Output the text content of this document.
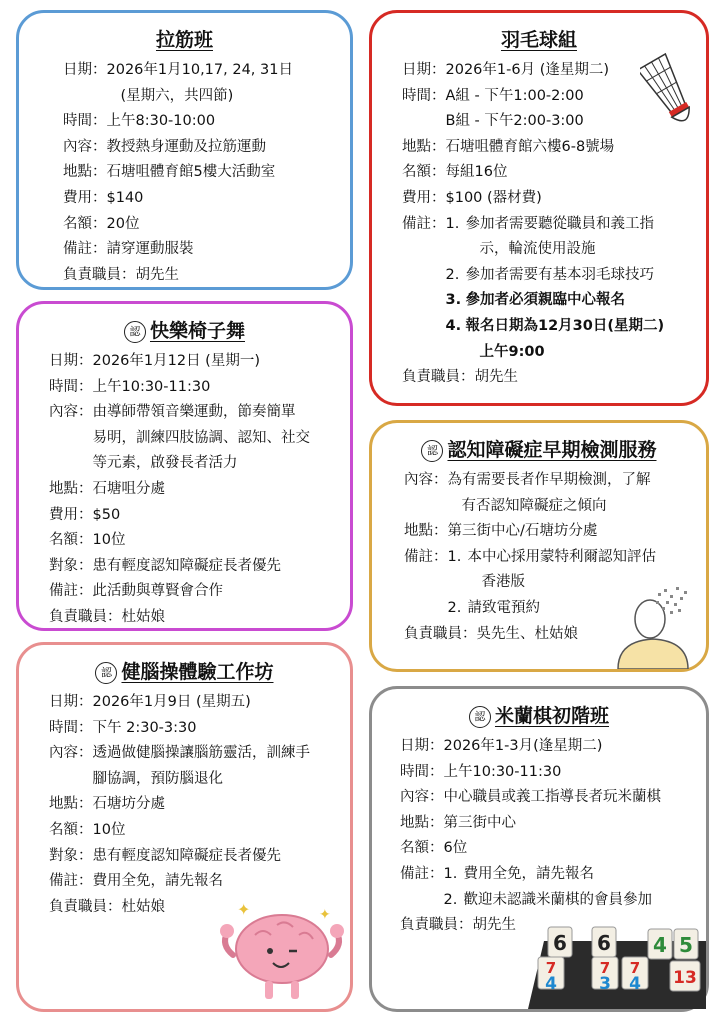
拉筋班
日期： 2026年1月10,17, 24, 31日
(星期六，共四節)
時間： 上午8:30-10:00
內容： 教授熱身運動及拉筋運動
地點： 石塘咀體育館5樓大活動室
費用： $140
名額： 20位
備註： 請穿運動服裝
負責職員： 胡先生
羽毛球組
日期： 2026年1-6月 (逢星期二)
時間： A組 - 下午1:00-2:00
B組 - 下午2:00-3:00
地點： 石塘咀體育館六樓6-8號場
名額： 每組16位
費用： $100 (器材費)
備註： 1. 參加者需要聽從職員和義工指
示，輪流使用設施
2. 參加者需要有基本羽毛球技巧
3. 參加者必須親臨中心報名
4. 報名日期為12月30日(星期二)
上午9:00
負責職員： 胡先生
認 快樂椅子舞
日期： 2026年1月12日 (星期一)
時間： 上午10:30-11:30
內容： 由導師帶領音樂運動，節奏簡單
易明，訓練四肢協調、認知、社交
等元素，啟發長者活力
地點： 石塘咀分處
費用： $50
名額： 10位
對象： 患有輕度認知障礙症長者優先
備註： 此活動與尊賢會合作
負責職員： 杜姑娘
認 認知障礙症早期檢測服務
內容： 為有需要長者作早期檢測，了解
有否認知障礙症之傾向
地點： 第三街中心/石塘坊分處
備註： 1. 本中心採用蒙特利爾認知評估
香港版
2. 請致電預約
負責職員： 吳先生、杜姑娘
認 健腦操體驗工作坊
日期： 2026年1月9日 (星期五)
時間： 下午 2:30-3:30
內容： 透過做健腦操讓腦筋靈活，訓練手
腳協調，預防腦退化
地點： 石塘坊分處
名額： 10位
對象： 患有輕度認知障礙症長者優先
備註： 費用全免，請先報名
負責職員： 杜姑娘	✦	✦
認 米蘭棋初階班
日期： 2026年1-3月(逢星期二)
時間： 上午10:30-11:30
內容： 中心職員或義工指導長者玩米蘭棋
地點： 第三街中心
名額： 6位
備註： 1. 費用全免，請先報名
2. 歡迎未認識米蘭棋的會員參加
負責職員： 胡先生
6 6 4 5
7
4
7
3
7
4 13
